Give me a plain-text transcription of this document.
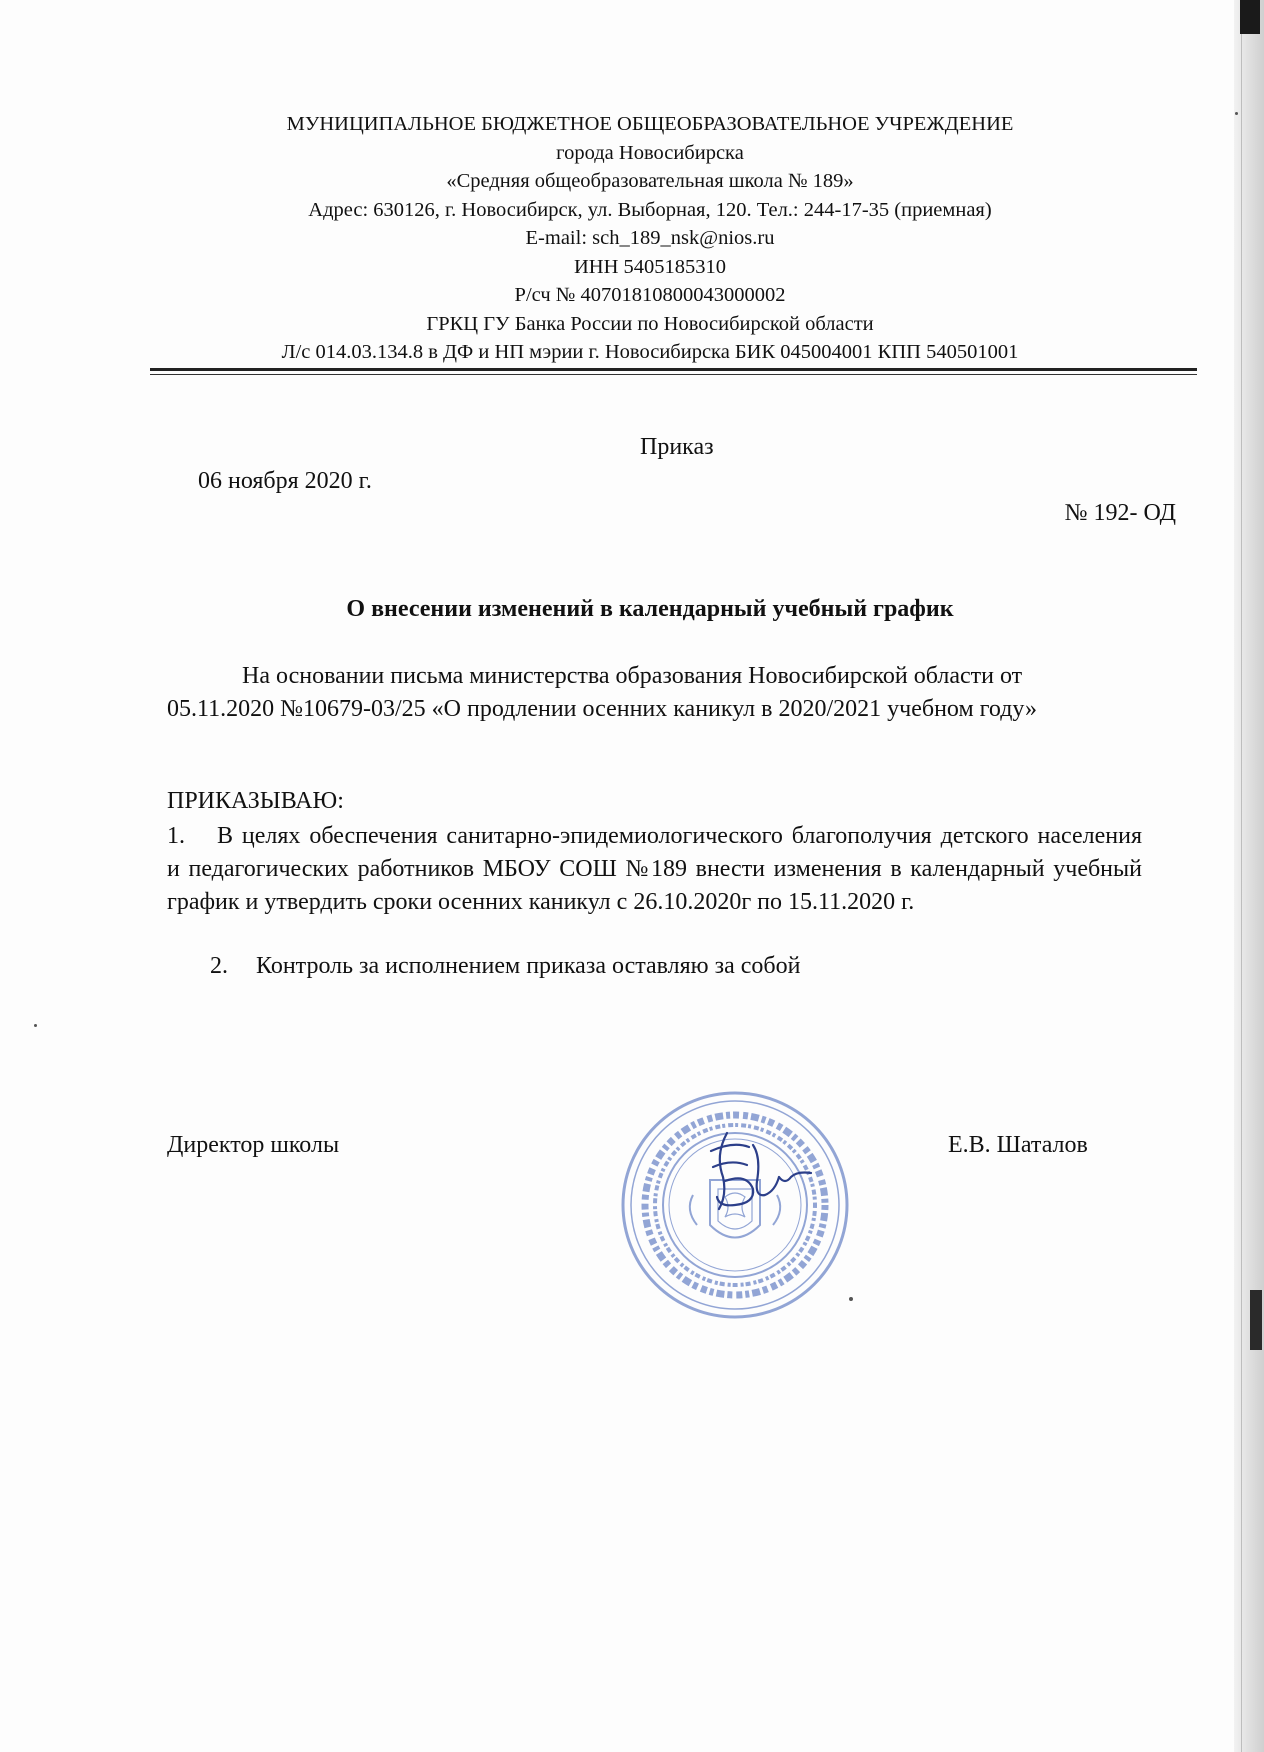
МУНИЦИПАЛЬНОЕ БЮДЖЕТНОЕ ОБЩЕОБРАЗОВАТЕЛЬНОЕ УЧРЕЖДЕНИЕ
города Новосибирска
«Средняя общеобразовательная школа № 189»
Адрес: 630126, г. Новосибирск, ул. Выборная, 120. Тел.: 244-17-35 (приемная)
E-mail: sch_189_nsk@nios.ru
ИНН 5405185310
Р/сч № 40701810800043000002
ГРКЦ ГУ Банка России по Новосибирской области
Л/с 014.03.134.8 в ДФ и НП мэрии г. Новосибирска БИК 045004001 КПП 540501001
Приказ
06 ноября 2020 г.
№ 192- ОД
О внесении изменений в календарный учебный график
На основании письма министерства образования Новосибирской области от 05.11.2020 №10679-03/25 «О продлении осенних каникул в 2020/2021 учебном году»
ПРИКАЗЫВАЮ:
1. В целях обеспечения санитарно-эпидемиологического благополучия детского населения и педагогических работников МБОУ СОШ №189 внести изменения в календарный учебный график и утвердить сроки осенних каникул с 26.10.2020г по 15.11.2020 г.
2. Контроль за исполнением приказа оставляю за собой
Директор школы	Е.В. Шаталов
